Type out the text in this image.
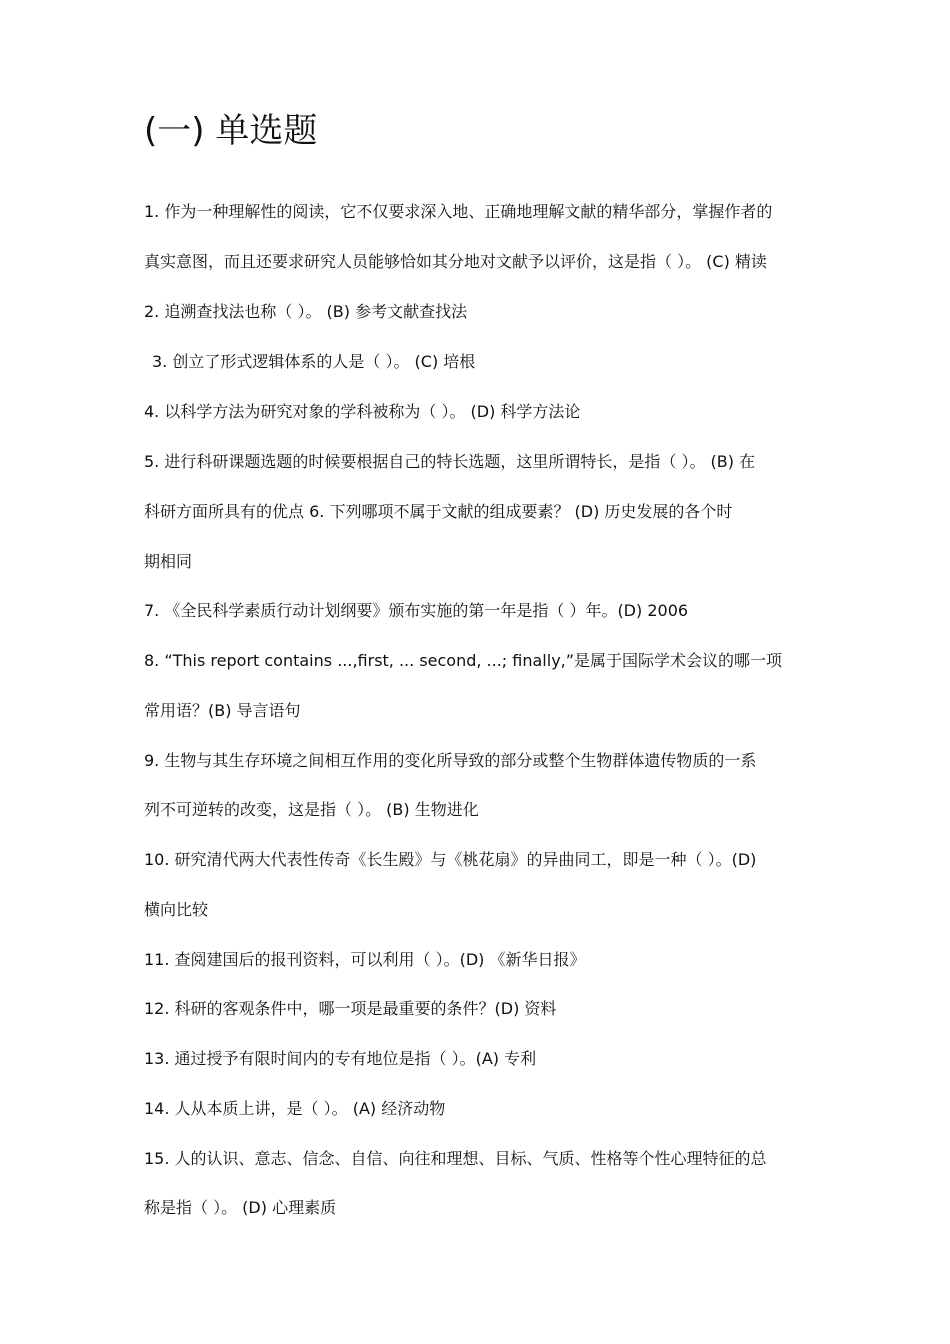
(一) 单选题
1. 作为一种理解性的阅读，它不仅要求深入地、正确地理解文献的精华部分，掌握作者的
真实意图，而且还要求研究人员能够恰如其分地对文献予以评价，这是指（ ）。 (C) 精读
2. 追溯查找法也称（ ）。 (B) 参考文献查找法
3. 创立了形式逻辑体系的人是（ ）。 (C) 培根
4. 以科学方法为研究对象的学科被称为（ ）。 (D) 科学方法论
5. 进行科研课题选题的时候要根据自己的特长选题，这里所谓特长，是指（ ）。 (B) 在
科研方面所具有的优点 6. 下列哪项不属于文献的组成要素？ (D) 历史发展的各个时
期相同
7. 《全民科学素质行动计划纲要》颁布实施的第一年是指（ ）年。(D) 2006
8. “This report contains ...,first, ... second, ...; finally,”是属于国际学术会议的哪一项
常用语？(B) 导言语句
9. 生物与其生存环境之间相互作用的变化所导致的部分或整个生物群体遗传物质的一系
列不可逆转的改变，这是指（ ）。 (B) 生物进化
10. 研究清代两大代表性传奇《长生殿》与《桃花扇》的异曲同工，即是一种（ ）。(D)
横向比较
11. 查阅建国后的报刊资料，可以利用（ ）。(D) 《新华日报》
12. 科研的客观条件中，哪一项是最重要的条件？(D) 资料
13. 通过授予有限时间内的专有地位是指（ ）。(A) 专利
14. 人从本质上讲，是（ ）。 (A) 经济动物
15. 人的认识、意志、信念、自信、向往和理想、目标、气质、性格等个性心理特征的总
称是指（ ）。 (D) 心理素质
